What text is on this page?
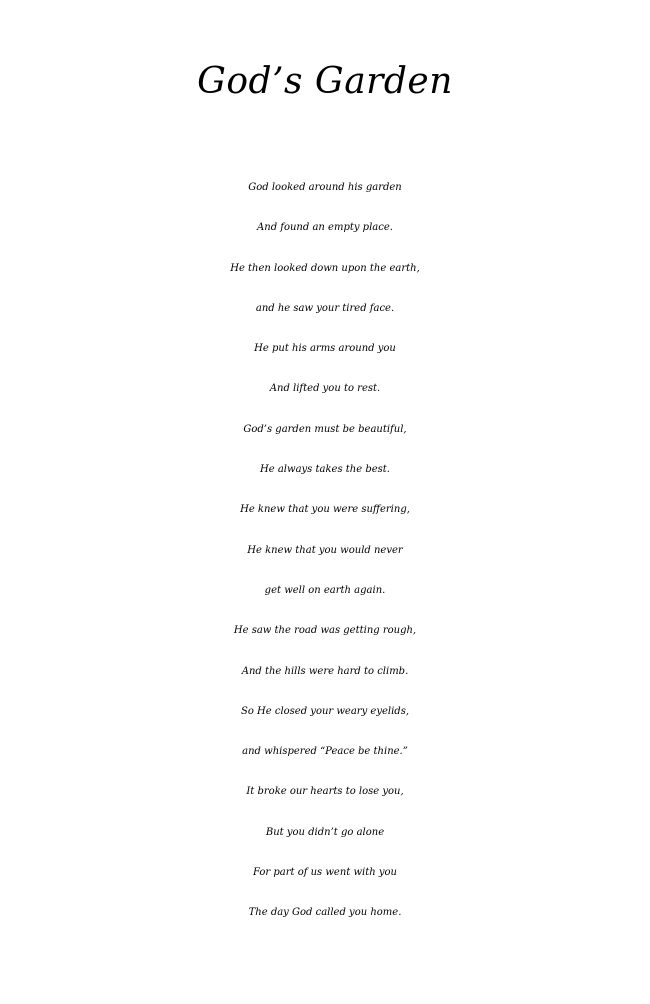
God’s Garden
God looked around his garden
And found an empty place.
He then looked down upon the earth,
and he saw your tired face.
He put his arms around you
And lifted you to rest.
God’s garden must be beautiful,
He always takes the best.
He knew that you were suffering,
He knew that you would never
get well on earth again.
He saw the road was getting rough,
And the hills were hard to climb.
So He closed your weary eyelids,
and whispered “Peace be thine.”
It broke our hearts to lose you,
But you didn’t go alone
For part of us went with you
The day God called you home.
